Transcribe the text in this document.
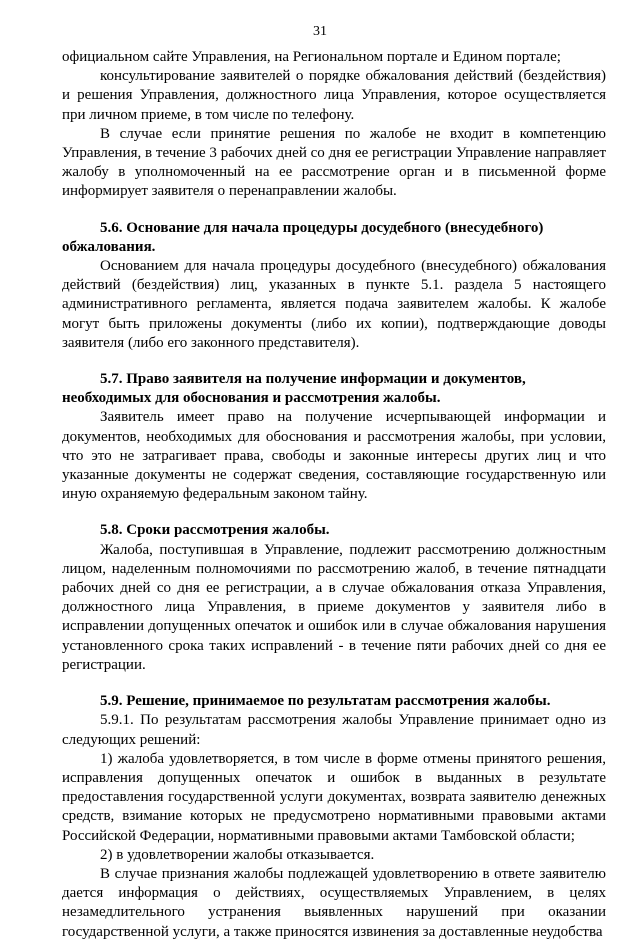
31

официальном сайте Управления, на Региональном портале и Едином портале;

консультирование заявителей о порядке обжалования действий (бездействия) и решения Управления, должностного лица Управления, которое осуществляется при личном приеме, в том числе по телефону.

В случае если принятие решения по жалобе не входит в компетенцию Управления, в течение 3 рабочих дней со дня ее регистрации Управление направляет жалобу в уполномоченный на ее рассмотрение орган и в письменной форме информирует заявителя о перенаправлении жалобы.

5.6. Основание для начала процедуры досудебного (внесудебного) обжалования.

Основанием для начала процедуры досудебного (внесудебного) обжалования действий (бездействия) лиц, указанных в пункте 5.1. раздела 5 настоящего административного регламента, является подача заявителем жалобы. К жалобе могут быть приложены документы (либо их копии), подтверждающие доводы заявителя (либо его законного представителя).

5.7. Право заявителя на получение информации и документов, необходимых для обоснования и рассмотрения жалобы.

Заявитель имеет право на получение исчерпывающей информации и документов, необходимых для обоснования и рассмотрения жалобы, при условии, что это не затрагивает права, свободы и законные интересы других лиц и что указанные документы не содержат сведения, составляющие государственную или иную охраняемую федеральным законом тайну.

5.8. Сроки рассмотрения жалобы.

Жалоба, поступившая в Управление, подлежит рассмотрению должностным лицом, наделенным полномочиями по рассмотрению жалоб, в течение пятнадцати рабочих дней со дня ее регистрации, а в случае обжалования отказа Управления, должностного лица Управления, в приеме документов у заявителя либо в исправлении допущенных опечаток и ошибок или в случае обжалования нарушения установленного срока таких исправлений - в течение пяти рабочих дней со дня ее регистрации.

5.9. Решение, принимаемое по результатам рассмотрения жалобы.

5.9.1. По результатам рассмотрения жалобы Управление принимает одно из следующих решений:

1) жалоба удовлетворяется, в том числе в форме отмены принятого решения, исправления допущенных опечаток и ошибок в выданных в результате предоставления государственной услуги документах, возврата заявителю денежных средств, взимание которых не предусмотрено нормативными правовыми актами Российской Федерации, нормативными правовыми актами Тамбовской области;

2) в удовлетворении жалобы отказывается.

В случае признания жалобы подлежащей удовлетворению в ответе заявителю дается информация о действиях, осуществляемых Управлением, в целях незамедлительного устранения выявленных нарушений при оказании государственной услуги, а также приносятся извинения за доставленные неудобства
